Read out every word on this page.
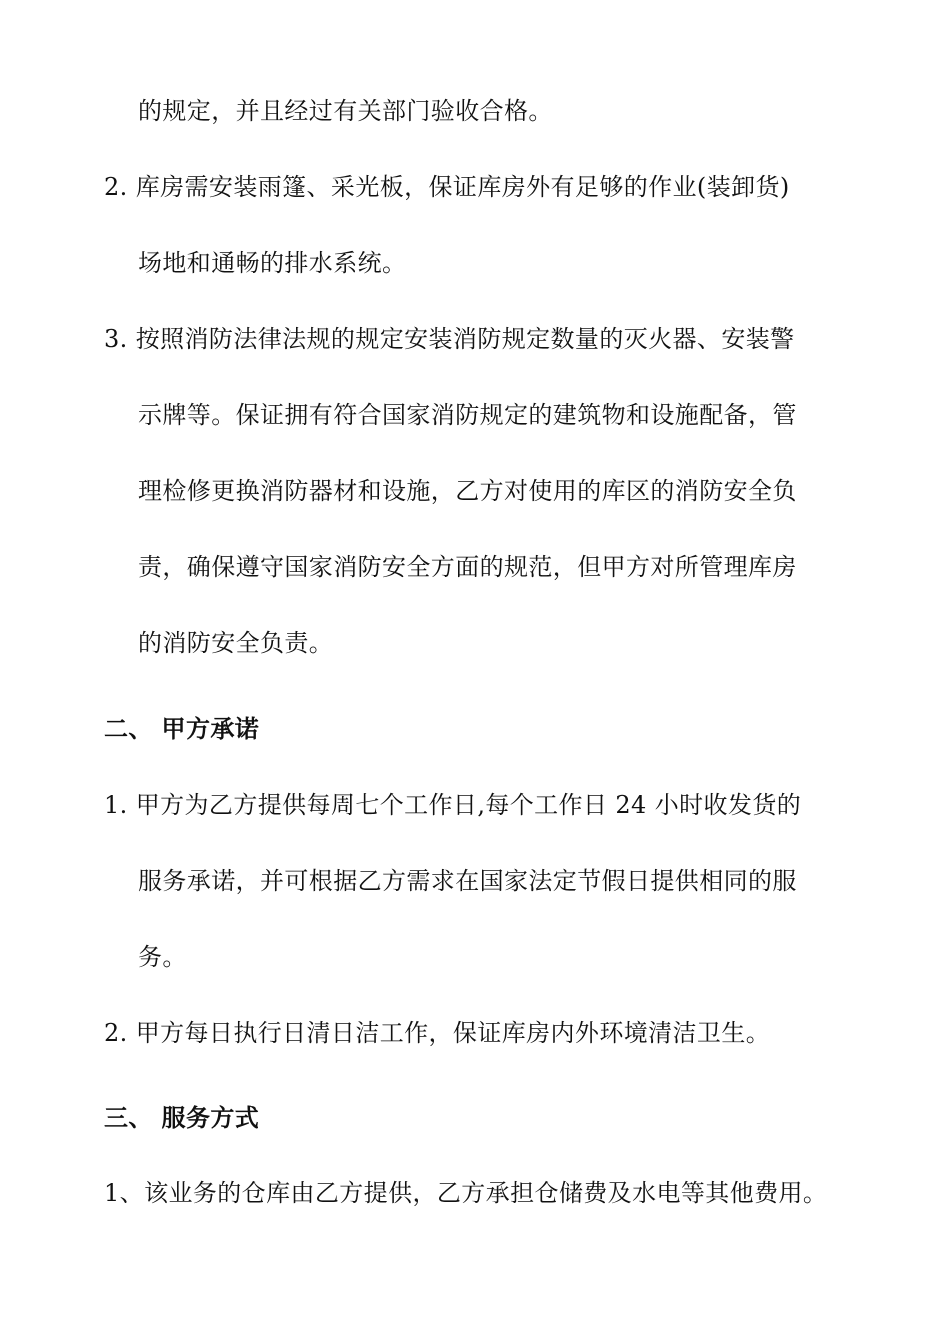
的规定，并且经过有关部门验收合格。
2. 库房需安装雨篷、采光板，保证库房外有足够的作业(装卸货)
场地和通畅的排水系统。
3. 按照消防法律法规的规定安装消防规定数量的灭火器、安装警
示牌等。保证拥有符合国家消防规定的建筑物和设施配备，管
理检修更换消防器材和设施，乙方对使用的库区的消防安全负
责，确保遵守国家消防安全方面的规范，但甲方对所管理库房
的消防安全负责。
二、 甲方承诺
1. 甲方为乙方提供每周七个工作日,每个工作日 24 小时收发货的
服务承诺，并可根据乙方需求在国家法定节假日提供相同的服
务。
2. 甲方每日执行日清日洁工作，保证库房内外环境清洁卫生。
三、 服务方式
1、该业务的仓库由乙方提供，乙方承担仓储费及水电等其他费用。
